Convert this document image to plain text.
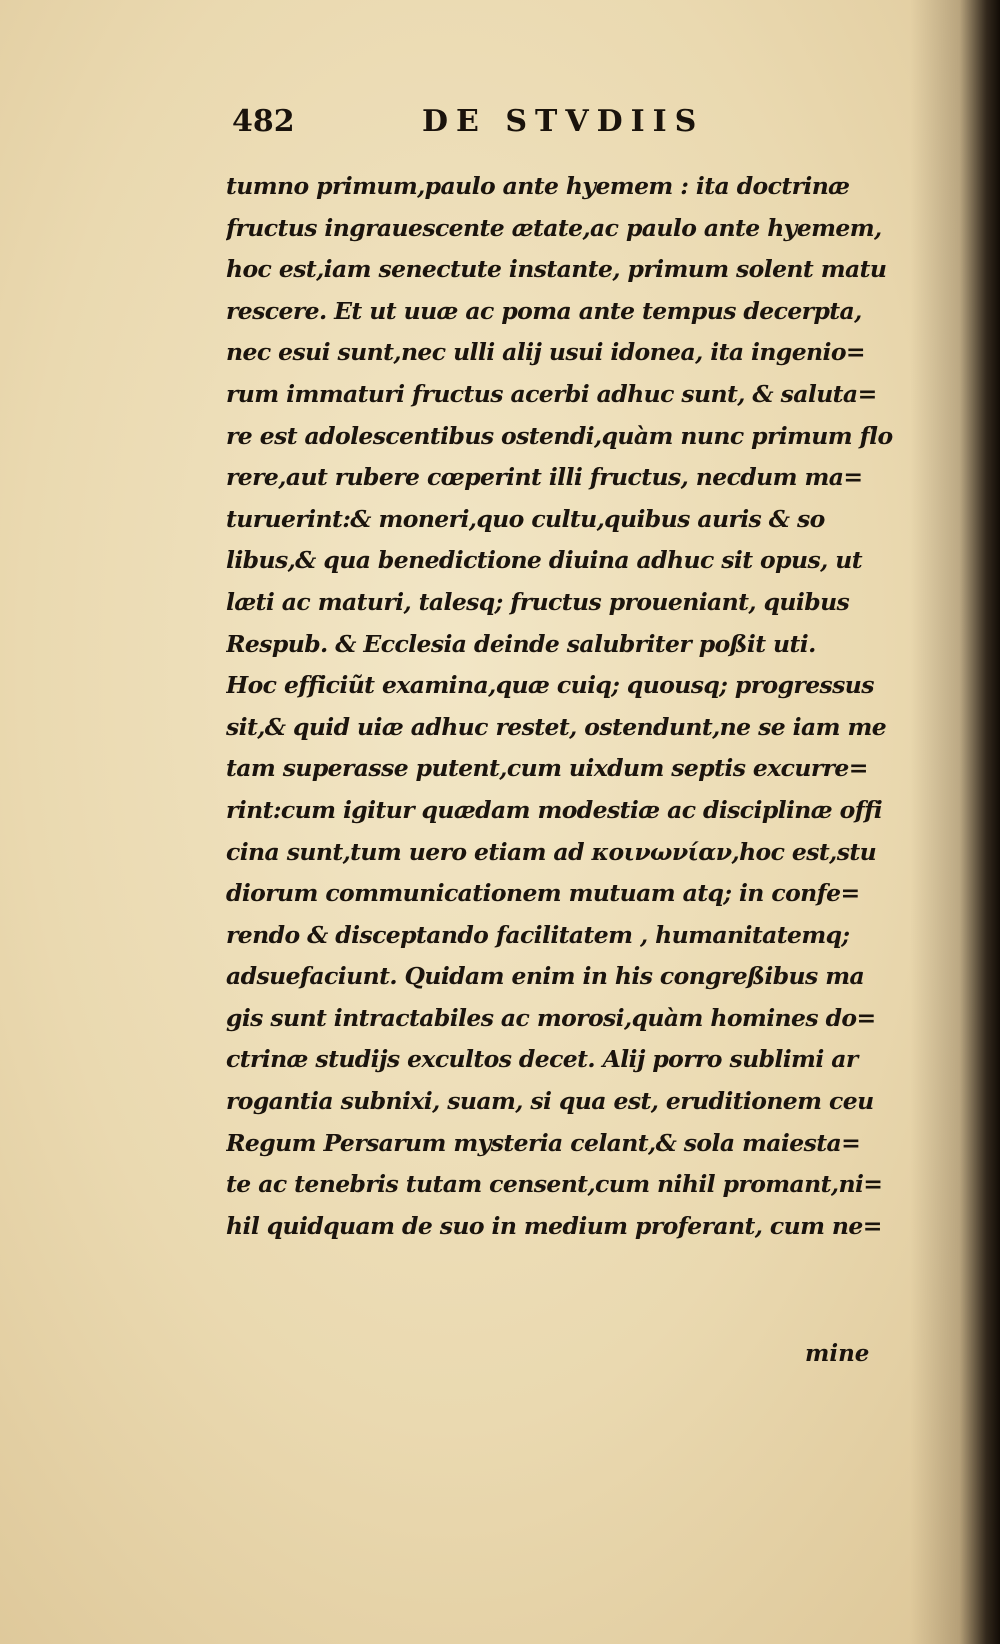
482	DE STVDIIS
tumno primum,paulo ante hyemem : ita doctrinæ
fructus ingrauescente ætate,ac paulo ante hyemem,
hoc est,iam senectute instante, primum solent matu
rescere. Et ut uuæ ac poma ante tempus decerpta,
nec esui sunt,nec ulli alij usui idonea, ita ingenio=
rum immaturi fructus acerbi adhuc sunt, & saluta=
re est adolescentibus ostendi,quàm nunc primum flo
rere,aut rubere cœperint illi fructus, necdum ma=
turuerint:& moneri,quo cultu,quibus auris & so
libus,& qua benedictione diuina adhuc sit opus, ut
læti ac maturi, talesq; fructus proueniant, quibus
Respub. & Ecclesia deinde salubriter poßit uti.
Hoc efficiũt examina,quæ cuiq; quousq; progressus
sit,& quid uiæ adhuc restet, ostendunt,ne se iam me
tam superasse putent,cum uixdum septis excurre=
rint:cum igitur quædam modestiæ ac disciplinæ offi
cina sunt,tum uero etiam ad κοινωνίαν,hoc est,stu
diorum communicationem mutuam atq; in confe=
rendo & disceptando facilitatem , humanitatemq;
adsuefaciunt. Quidam enim in his congreßibus ma
gis sunt intractabiles ac morosi,quàm homines do=
ctrinæ studijs excultos decet. Alij porro sublimi ar
rogantia subnixi, suam, si qua est, eruditionem ceu
Regum Persarum mysteria celant,& sola maiesta=
te ac tenebris tutam censent,cum nihil promant,ni=
hil quidquam de suo in medium proferant, cum ne=
mine
